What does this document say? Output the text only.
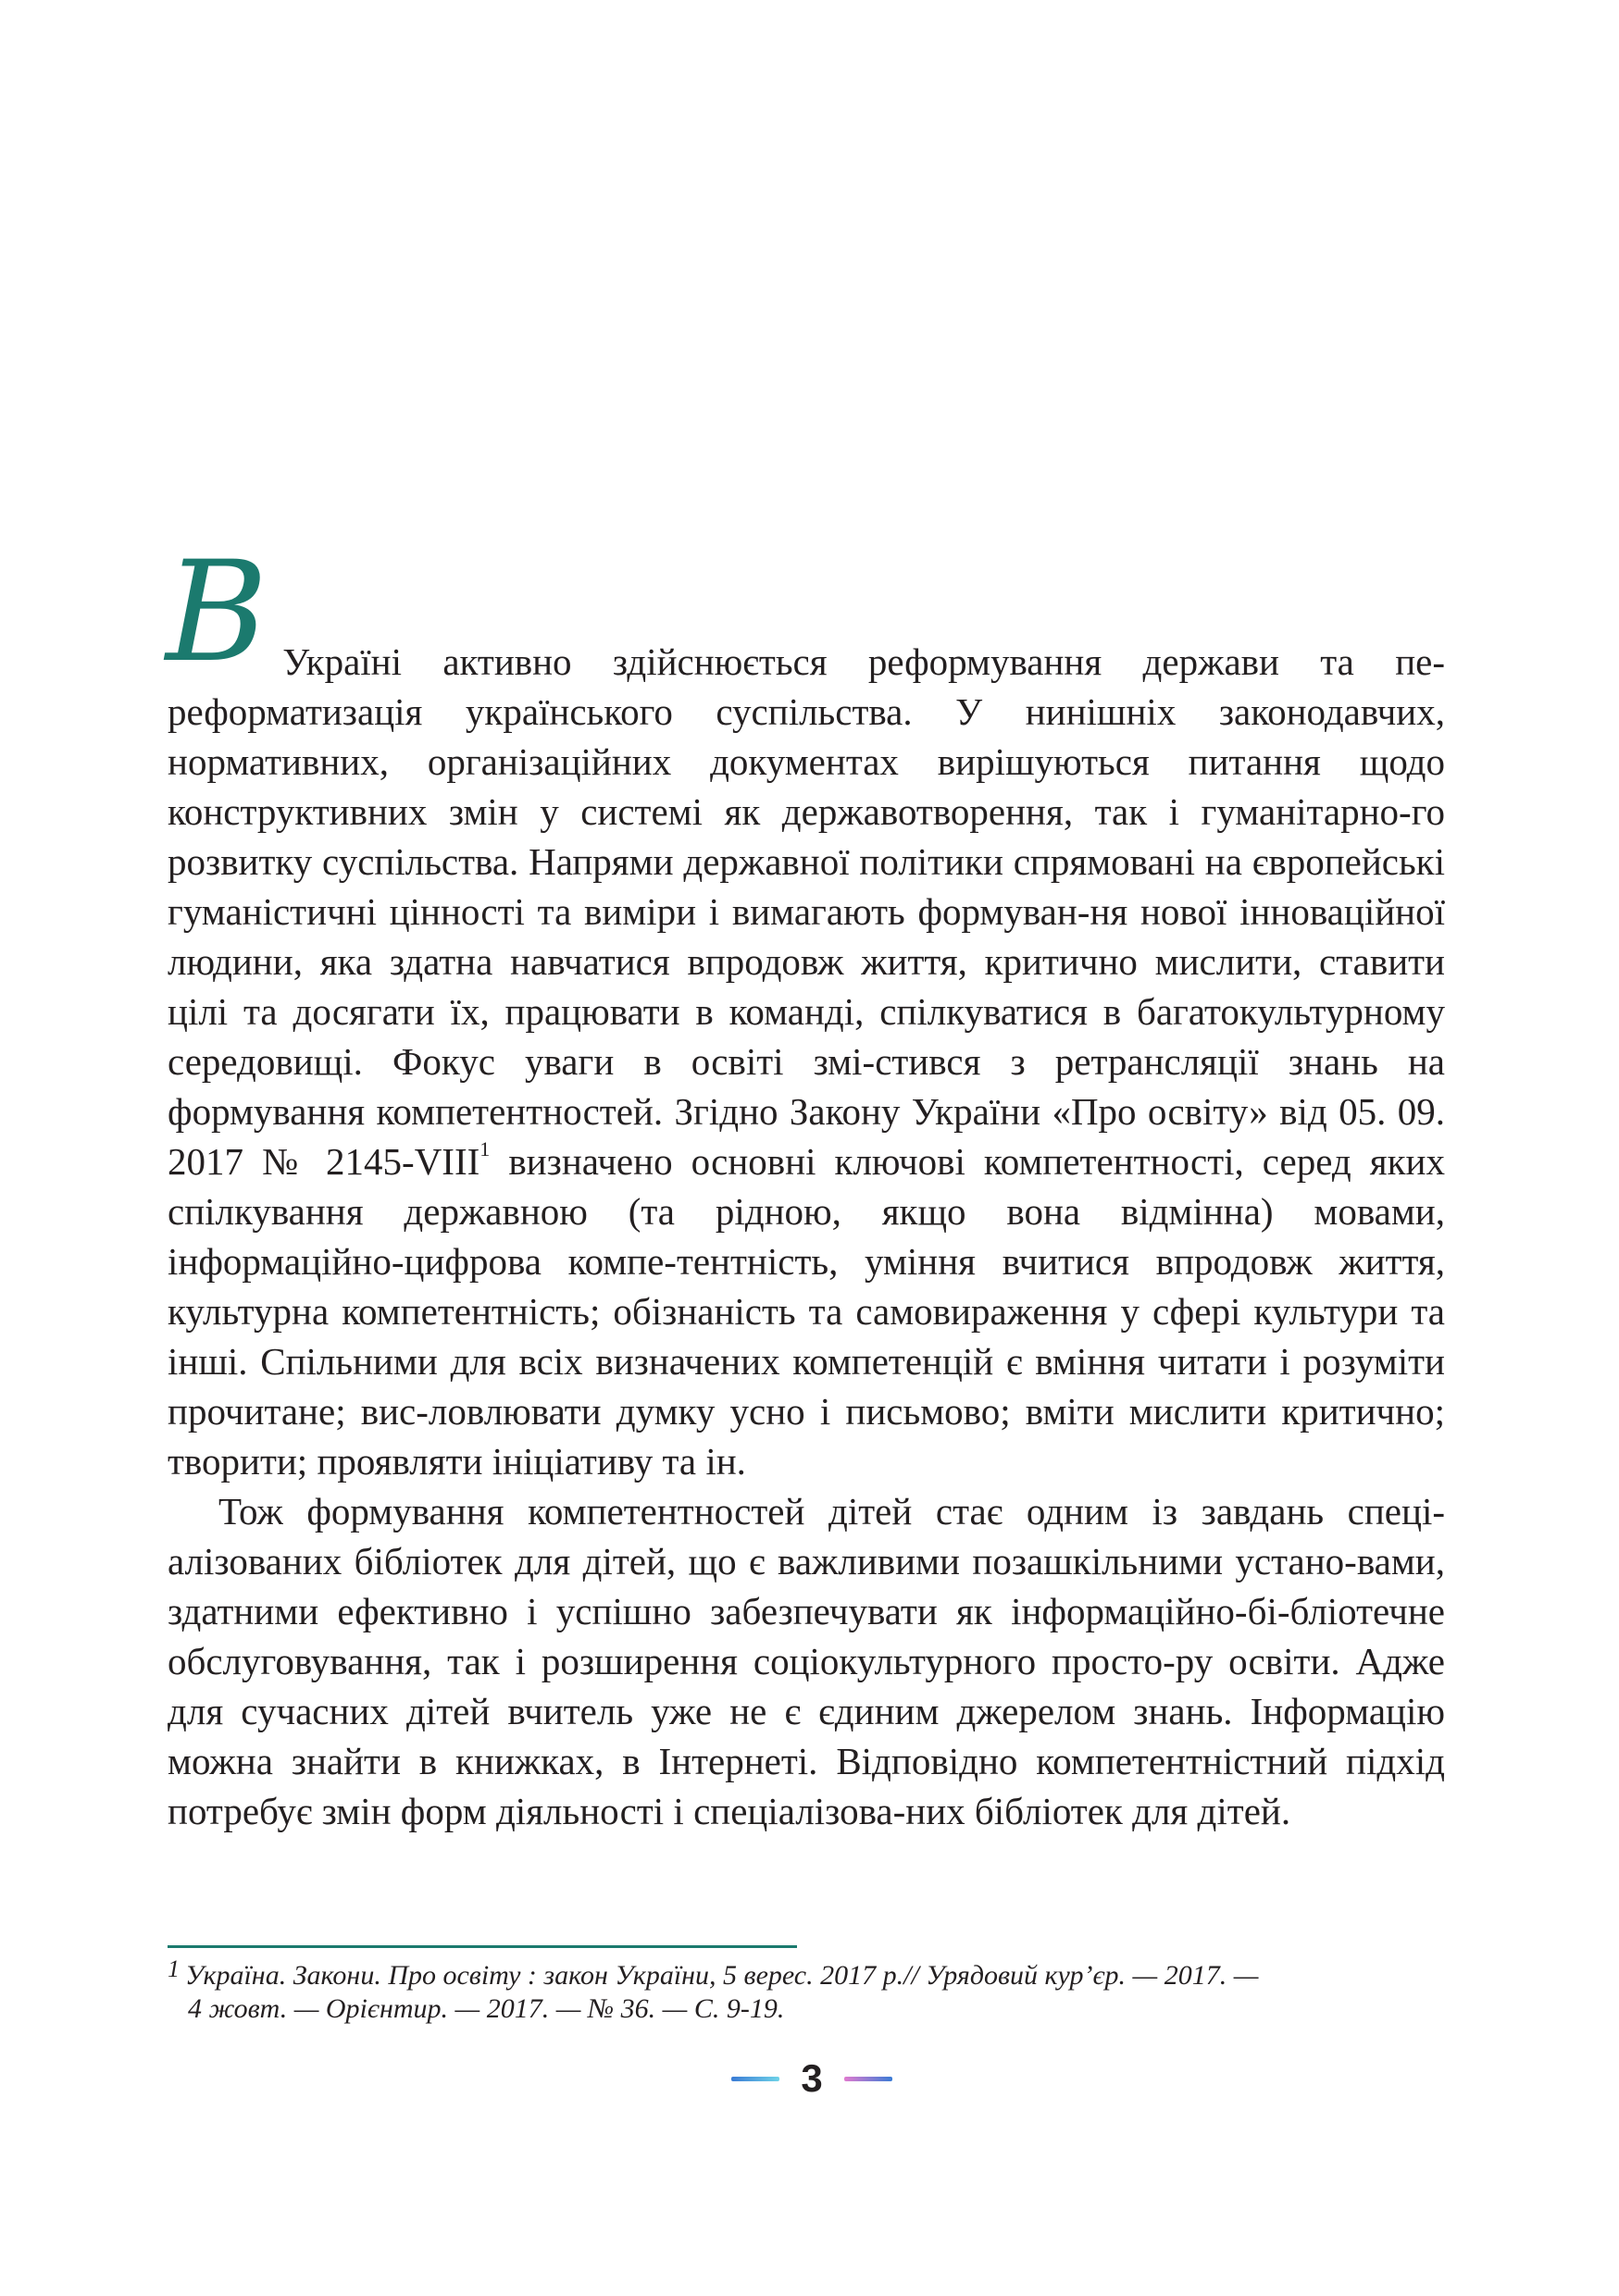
В Україні активно здійснюється реформування держави та пе-реформатизація українського суспільства. У нинішніх законодавчих, нормативних, організаційних документах вирішуються питання щодо конструктивних змін у системі як державотворення, так і гуманітарно-го розвитку суспільства. Напрями державної політики спрямовані на європейські гуманістичні цінності та виміри і вимагають формуван-ня нової інноваційної людини, яка здатна навчатися впродовж життя, критично мислити, ставити цілі та досягати їх, працювати в команді, спілкуватися в багатокультурному середовищі. Фокус уваги в освіті змі-стився з ретрансляції знань на формування компетентностей. Згідно Закону України «Про освіту» від 05. 09. 2017 № 2145-VIII$^1$ визначено основні ключові компетентності, серед яких спілкування державною (та рідною, якщо вона відмінна) мовами, інформаційно-цифрова компе-тентність, уміння вчитися впродовж життя, культурна компетентність; обізнаність та самовираження у сфері культури та інші. Спільними для всіх визначених компетенцій є вміння читати і розуміти прочитане; вис-ловлювати думку усно і письмово; вміти мислити критично; творити; проявляти ініціативу та ін.

Тож формування компетентностей дітей стає одним із завдань спеці-алізованих бібліотек для дітей, що є важливими позашкільними устано-вами, здатними ефективно і успішно забезпечувати як інформаційно-бі-бліотечне обслуговування, так і розширення соціокультурного просто-ру освіти. Адже для сучасних дітей вчитель уже не є єдиним джерелом знань. Інформацію можна знайти в книжках, в Інтернеті. Відповідно компетентністний підхід потребує змін форм діяльності і спеціалізова-них бібліотек для дітей.

1 Україна. Закони. Про освіту : закон України, 5 верес. 2017 р.// Урядовий кур’єр. — 2017. —
4 жовт. — Орієнтир. — 2017. — № 36. — С. 9-19.
3
